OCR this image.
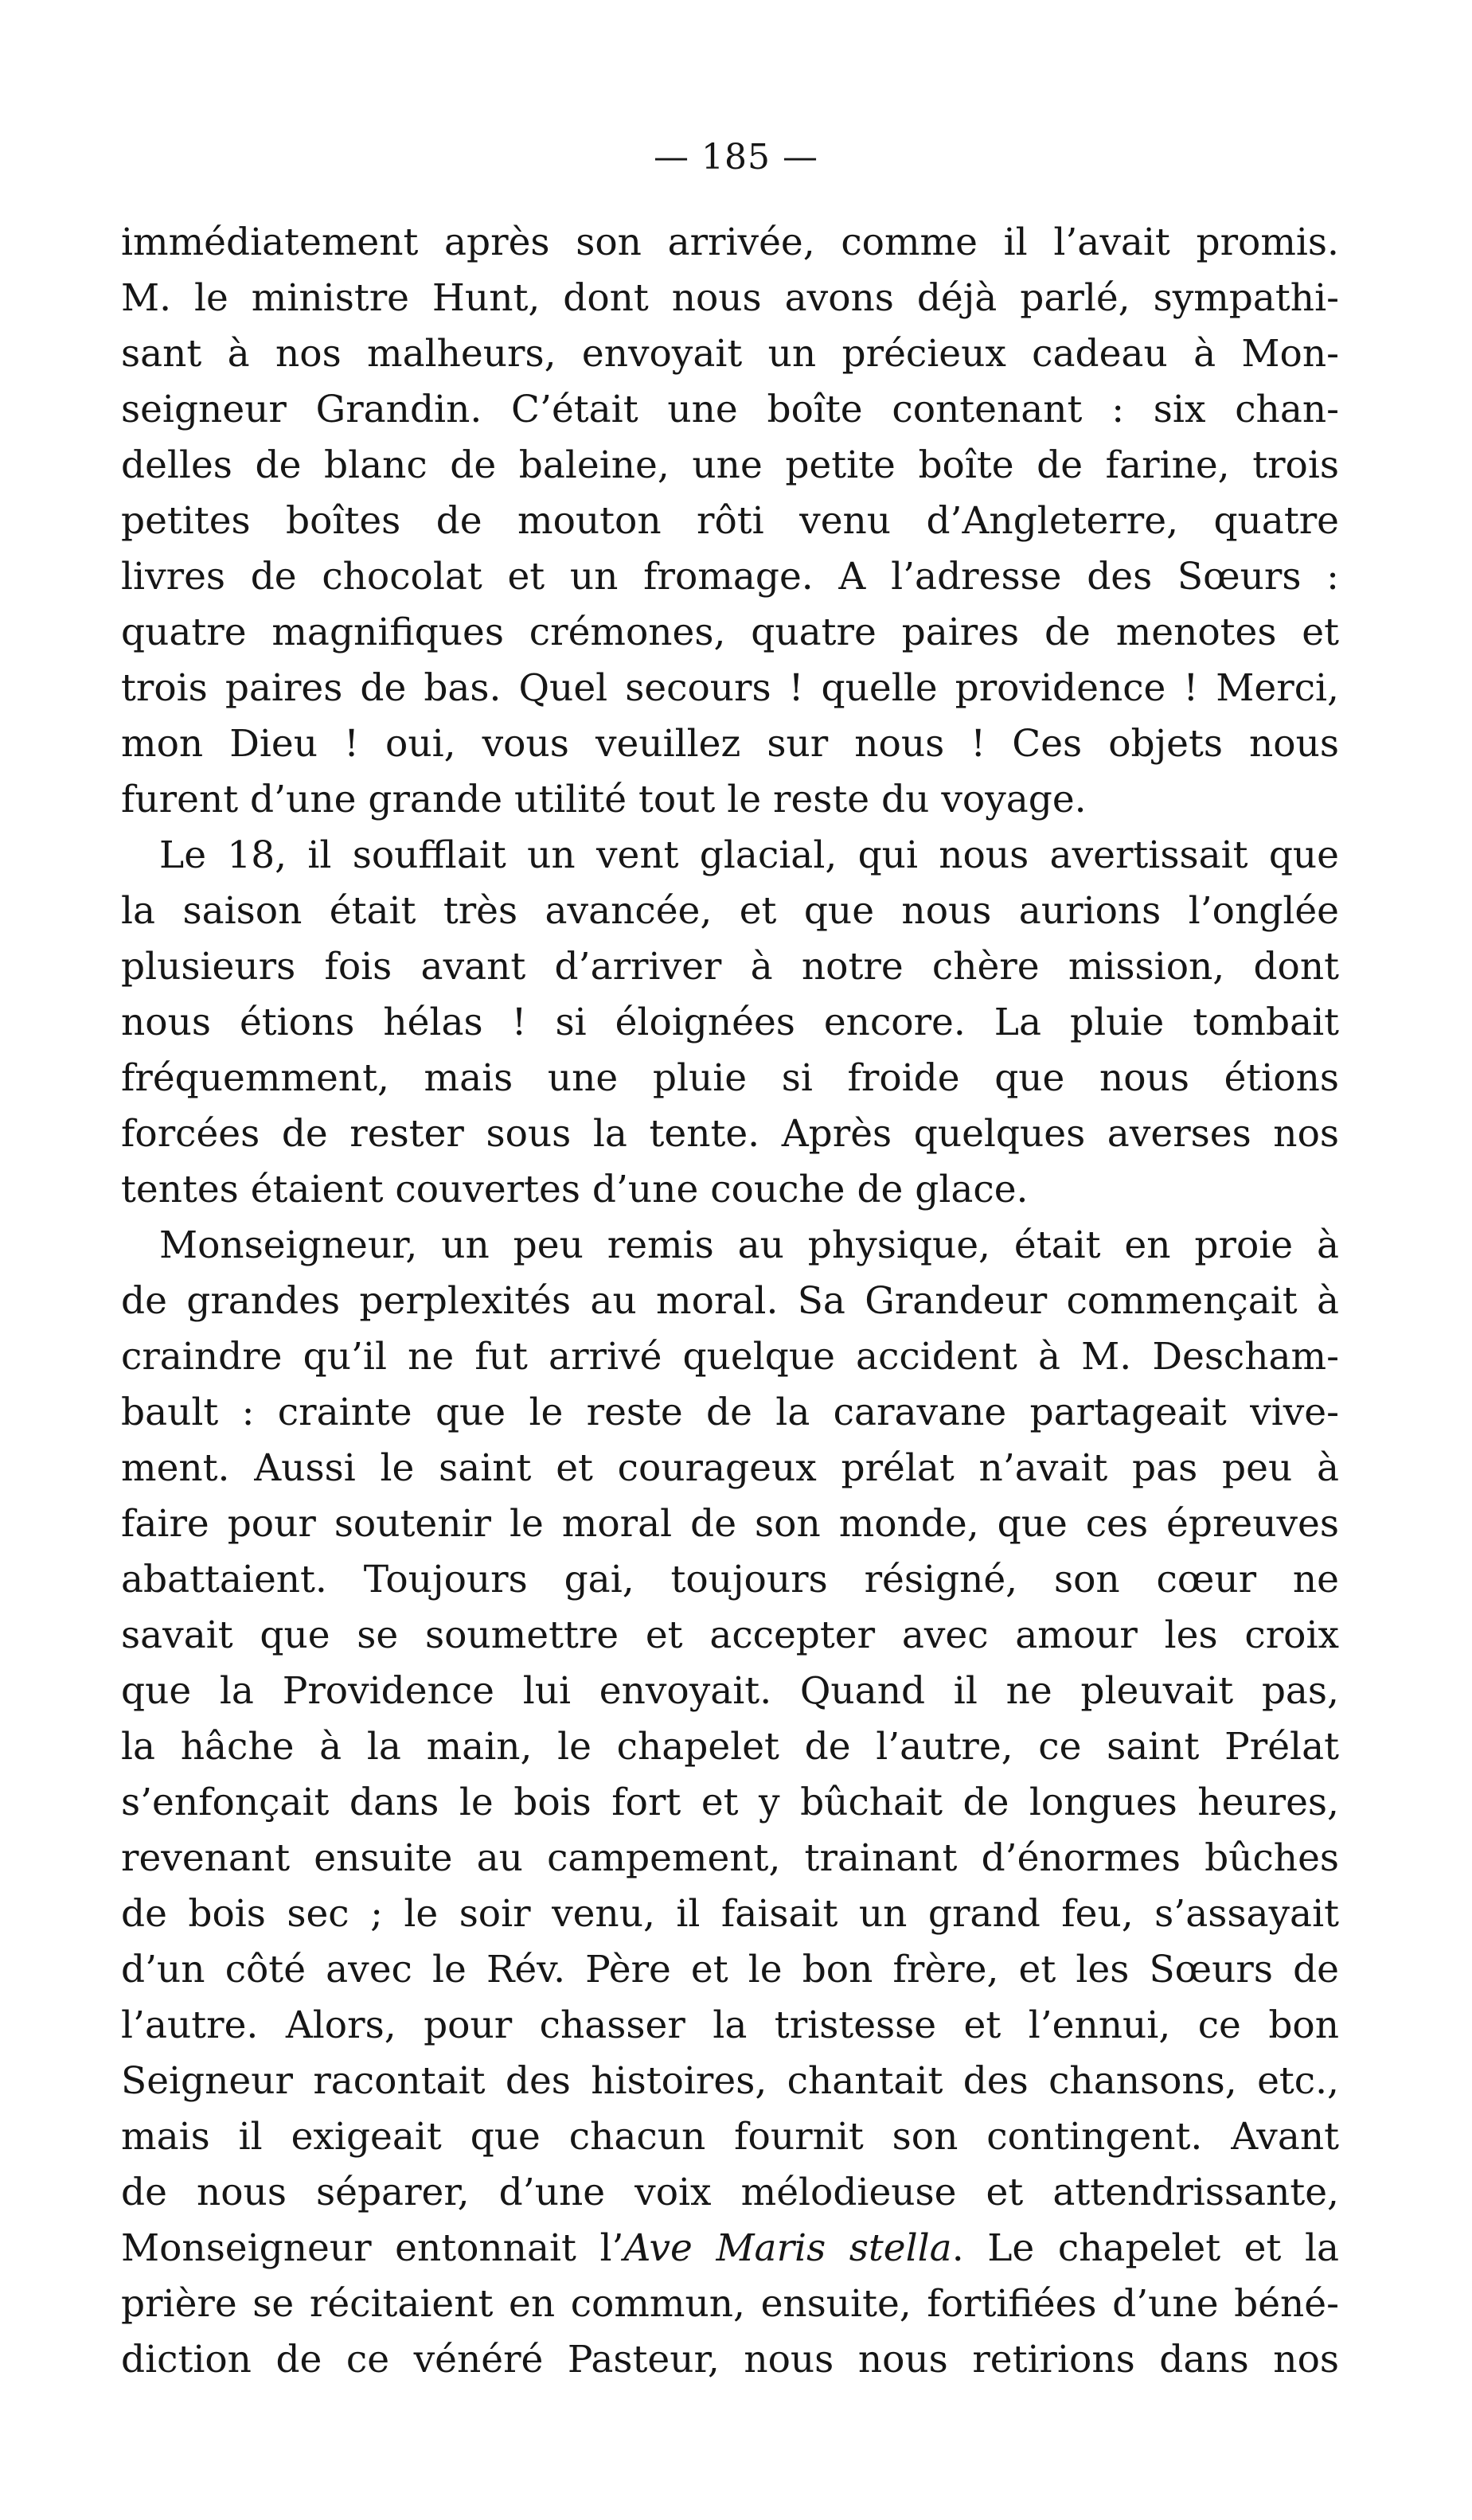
— 185 —
immédiatement après son arrivée, comme il l’avait promis.
M. le ministre Hunt, dont nous avons déjà parlé, sympathi-
sant à nos malheurs, envoyait un précieux cadeau à Mon-
seigneur Grandin. C’était une boîte contenant : six chan-
delles de blanc de baleine, une petite boîte de farine, trois
petites boîtes de mouton rôti venu d’Angleterre, quatre
livres de chocolat et un fromage. A l’adresse des Sœurs :
quatre magnifiques crémones, quatre paires de menotes et
trois paires de bas. Quel secours ! quelle providence ! Merci,
mon Dieu ! oui, vous veuillez sur nous ! Ces objets nous
furent d’une grande utilité tout le reste du voyage.
Le 18, il soufflait un vent glacial, qui nous avertissait que
la saison était très avancée, et que nous aurions l’onglée
plusieurs fois avant d’arriver à notre chère mission, dont
nous étions hélas ! si éloignées encore. La pluie tombait
fréquemment, mais une pluie si froide que nous étions
forcées de rester sous la tente. Après quelques averses nos
tentes étaient couvertes d’une couche de glace.
Monseigneur, un peu remis au physique, était en proie à
de grandes perplexités au moral. Sa Grandeur commençait à
craindre qu’il ne fut arrivé quelque accident à M. Descham-
bault : crainte que le reste de la caravane partageait vive-
ment. Aussi le saint et courageux prélat n’avait pas peu à
faire pour soutenir le moral de son monde, que ces épreuves
abattaient. Toujours gai, toujours résigné, son cœur ne
savait que se soumettre et accepter avec amour les croix
que la Providence lui envoyait. Quand il ne pleuvait pas,
la hâche à la main, le chapelet de l’autre, ce saint Prélat
s’enfonçait dans le bois fort et y bûchait de longues heures,
revenant ensuite au campement, trainant d’énormes bûches
de bois sec ; le soir venu, il faisait un grand feu, s’assayait
d’un côté avec le Rév. Père et le bon frère, et les Sœurs de
l’autre. Alors, pour chasser la tristesse et l’ennui, ce bon
Seigneur racontait des histoires, chantait des chansons, etc.,
mais il exigeait que chacun fournit son contingent. Avant
de nous séparer, d’une voix mélodieuse et attendrissante,
Monseigneur entonnait l’Ave Maris stella. Le chapelet et la
prière se récitaient en commun, ensuite, fortifiées d’une béné-
diction de ce vénéré Pasteur, nous nous retirions dans nos
